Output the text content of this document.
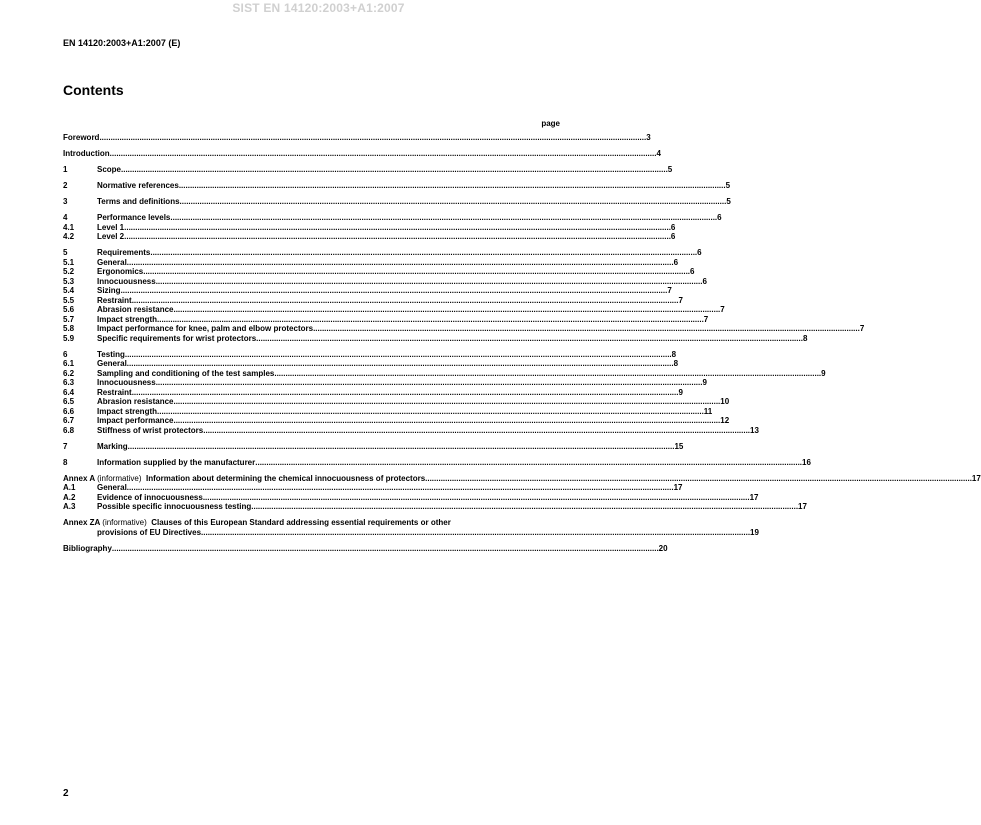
SIST EN 14120:2003+A1:2007
EN 14120:2003+A1:2007 (E)
Contents
page
Foreword .....	3
Introduction .....	4
1	Scope .....	5
2	Normative references .....	5
3	Terms and definitions .....	5
4	Performance levels .....	6
4.1	Level 1 .....	6
4.2	Level 2 .....	6
5	Requirements .....	6
5.1	General .....	6
5.2	Ergonomics .....	6
5.3	Innocuousness .....	6
5.4	Sizing .....	7
5.5	Restraint .....	7
5.6	Abrasion resistance .....	7
5.7	Impact strength .....	7
5.8	Impact performance for knee, palm and elbow protectors .....	7
5.9	Specific requirements for wrist protectors .....	8
6	Testing .....	8
6.1	General .....	8
6.2	Sampling and conditioning of the test samples .....	9
6.3	Innocuousness .....	9
6.4	Restraint .....	9
6.5	Abrasion resistance .....	10
6.6	Impact strength .....	11
6.7	Impact performance .....	12
6.8	Stiffness of wrist protectors .....	13
7	Marking .....	15
8	Information supplied by the manufacturer .....	16
Annex A (informative) Information about determining the chemical innocuousness of protectors .....	17
A.1	General .....	17
A.2	Evidence of innocuousness .....	17
A.3	Possible specific innocuousness testing .....	17
Annex ZA (informative) Clauses of this European Standard addressing essential requirements or other
provisions of EU Directives. .....	19
Bibliography .....	20
2
